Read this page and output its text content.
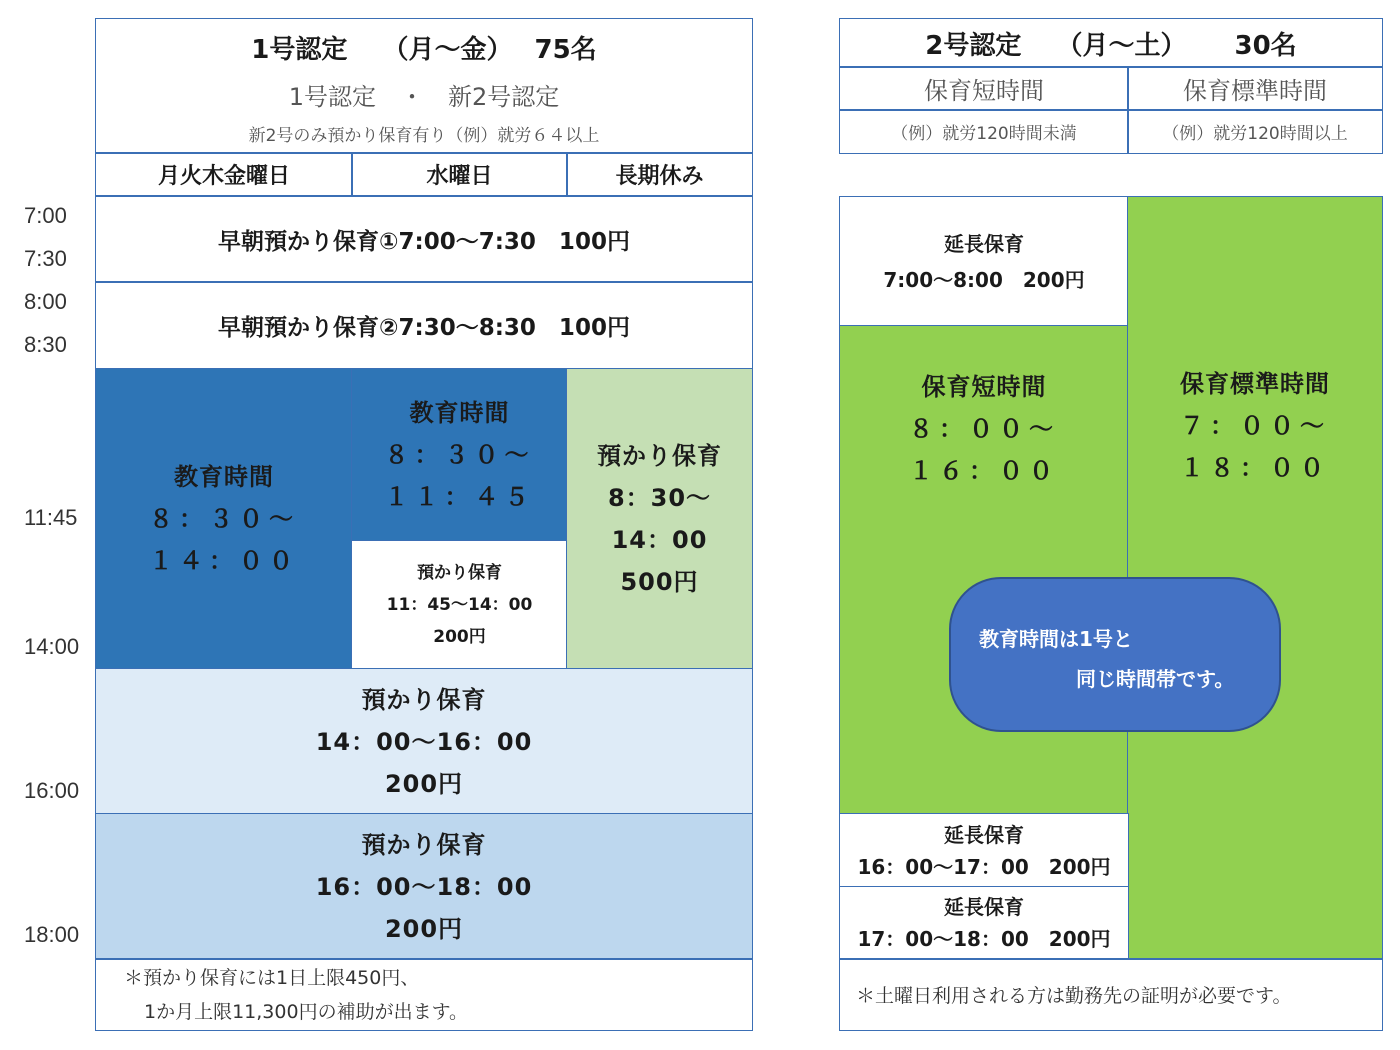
7:00
7:30
8:00
8:30
11:45
14:00
16:00
18:00
1号認定　 （月～金）　 75名
1号認定　・　新2号認定
新2号のみ預かり保育有り（例）就労６４以上
月火木金曜日	水曜日	長期休み
早朝預かり保育①7:00～7:30　100円
早朝預かり保育②7:30～8:30　100円
教育時間
８：３０～
１４：００
教育時間
８：３０～
１１：４５
預かり保育
11：45～14：00
200円
預かり保育
8：30～
14：00
500円
預かり保育
14：00～16：00
200円
預かり保育
16：00～18：00
200円
＊預かり保育には1日上限450円、
1か月上限11,300円の補助が出ます。
2号認定　 （月～土）　　 30名
保育短時間	保育標準時間
（例）就労120時間未満	（例）就労120時間以上
延長保育
7:00～8:00　200円
保育短時間
８：００～
１６：００
保育標準時間
７：００～
１８：００
延長保育
16：00～17：00　200円
延長保育
17：00～18：00　200円
教育時間は1号と
同じ時間帯です。
＊土曜日利用される方は勤務先の証明が必要です。
